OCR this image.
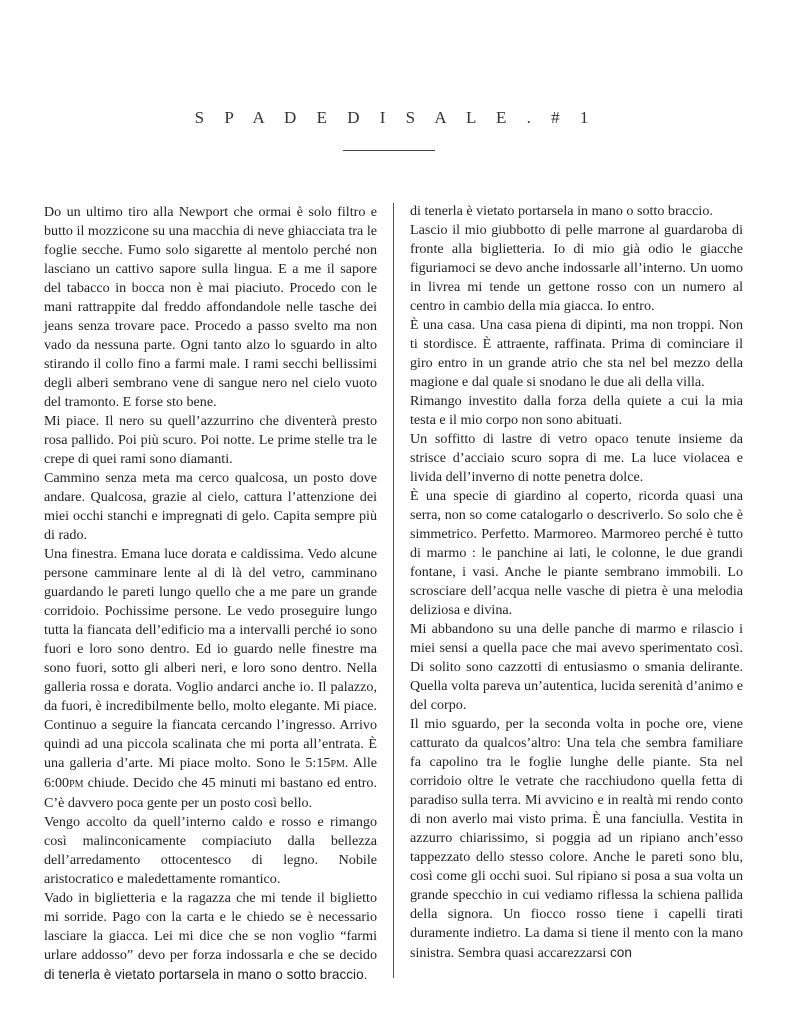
S P A D E D I S A L E . # 1

Do un ultimo tiro alla Newport che ormai è solo filtro e butto il mozzicone su una macchia di neve ghiacciata tra le foglie secche. Fumo solo sigarette al mentolo perché non lasciano un cattivo sapore sulla lingua. E a me il sapore del tabacco in bocca non è mai piaciuto. Procedo con le mani rattrappite dal freddo affondandole nelle tasche dei jeans senza trovare pace. Procedo a passo svelto ma non vado da nessuna parte. Ogni tanto alzo lo sguardo in alto stirando il collo fino a farmi male. I rami secchi bellissimi degli alberi sembrano vene di sangue nero nel cielo vuoto del tramonto. E forse sto bene.

Mi piace. Il nero su quell’azzurrino che diventerà presto rosa pallido. Poi più scuro. Poi notte. Le prime stelle tra le crepe di quei rami sono diamanti.

Cammino senza meta ma cerco qualcosa, un posto dove andare. Qualcosa, grazie al cielo, cattura l’attenzione dei miei occhi stanchi e impregnati di gelo. Capita sempre più di rado.

Una finestra. Emana luce dorata e caldissima. Vedo alcune persone camminare lente al di là del vetro, camminano guardando le pareti lungo quello che a me pare un grande corridoio. Pochissime persone. Le vedo proseguire lungo tutta la fiancata dell’edificio ma a intervalli perché io sono fuori e loro sono dentro. Ed io guardo nelle finestre ma sono fuori, sotto gli alberi neri, e loro sono dentro. Nella galleria rossa e dorata. Voglio andarci anche io. Il palazzo, da fuori, è incredibilmente bello, molto elegante. Mi piace. Continuo a seguire la fiancata cercando l’ingresso. Arrivo quindi ad una piccola scalinata che mi porta all’entrata. È una galleria d’arte. Mi piace molto. Sono le 5:15PM. Alle 6:00PM chiude. Decido che 45 minuti mi bastano ed entro. C’è davvero poca gente per un posto così bello.

Vengo accolto da quell’interno caldo e rosso e rimango così malinconicamente compiaciuto dalla bellezza dell’arredamento ottocentesco di legno. Nobile aristocratico e maledettamente romantico.

Vado in biglietteria e la ragazza che mi tende il biglietto mi sorride. Pago con la carta e le chiedo se è necessario lasciare la giacca. Lei mi dice che se non voglio “farmi urlare addosso” devo per forza indossarla e che se decido di tenerla è vietato portarsela in mano o sotto braccio.

di tenerla è vietato portarsela in mano o sotto braccio.

Lascio il mio giubbotto di pelle marrone al guardaroba di fronte alla biglietteria. Io di mio già odio le giacche figuriamoci se devo anche indossarle all’interno. Un uomo in livrea mi tende un gettone rosso con un numero al centro in cambio della mia giacca. Io entro.

È una casa. Una casa piena di dipinti, ma non troppi. Non ti stordisce. È attraente, raffinata. Prima di cominciare il giro entro in un grande atrio che sta nel bel mezzo della magione e dal quale si snodano le due ali della villa.

Rimango investito dalla forza della quiete a cui la mia testa e il mio corpo non sono abituati.

Un soffitto di lastre di vetro opaco tenute insieme da strisce d’acciaio scuro sopra di me. La luce violacea e livida dell’inverno di notte penetra dolce.

È una specie di giardino al coperto, ricorda quasi una serra, non so come catalogarlo o descriverlo. So solo che è simmetrico. Perfetto. Marmoreo. Marmoreo perché è tutto di marmo : le panchine ai lati, le colonne, le due grandi fontane, i vasi. Anche le piante sembrano immobili. Lo scrosciare dell’acqua nelle vasche di pietra è una melodia deliziosa e divina.

Mi abbandono su una delle panche di marmo e rilascio i miei sensi a quella pace che mai avevo sperimentato così. Di solito sono cazzotti di entusiasmo o smania delirante. Quella volta pareva un’autentica, lucida serenità d’animo e del corpo.

Il mio sguardo, per la seconda volta in poche ore, viene catturato da qualcos’altro: Una tela che sembra familiare fa capolino tra le foglie lunghe delle piante. Sta nel corridoio oltre le vetrate che racchiudono quella fetta di paradiso sulla terra. Mi avvicino e in realtà mi rendo conto di non averlo mai visto prima. È una fanciulla. Vestita in azzurro chiarissimo, si poggia ad un ripiano anch’esso tappezzato dello stesso colore. Anche le pareti sono blu, così come gli occhi suoi. Sul ripiano si posa a sua volta un grande specchio in cui vediamo riflessa la schiena pallida della signora. Un fiocco rosso tiene i capelli tirati duramente indietro. La dama si tiene il mento con la mano sinistra. Sembra quasi accarezzarsi con
